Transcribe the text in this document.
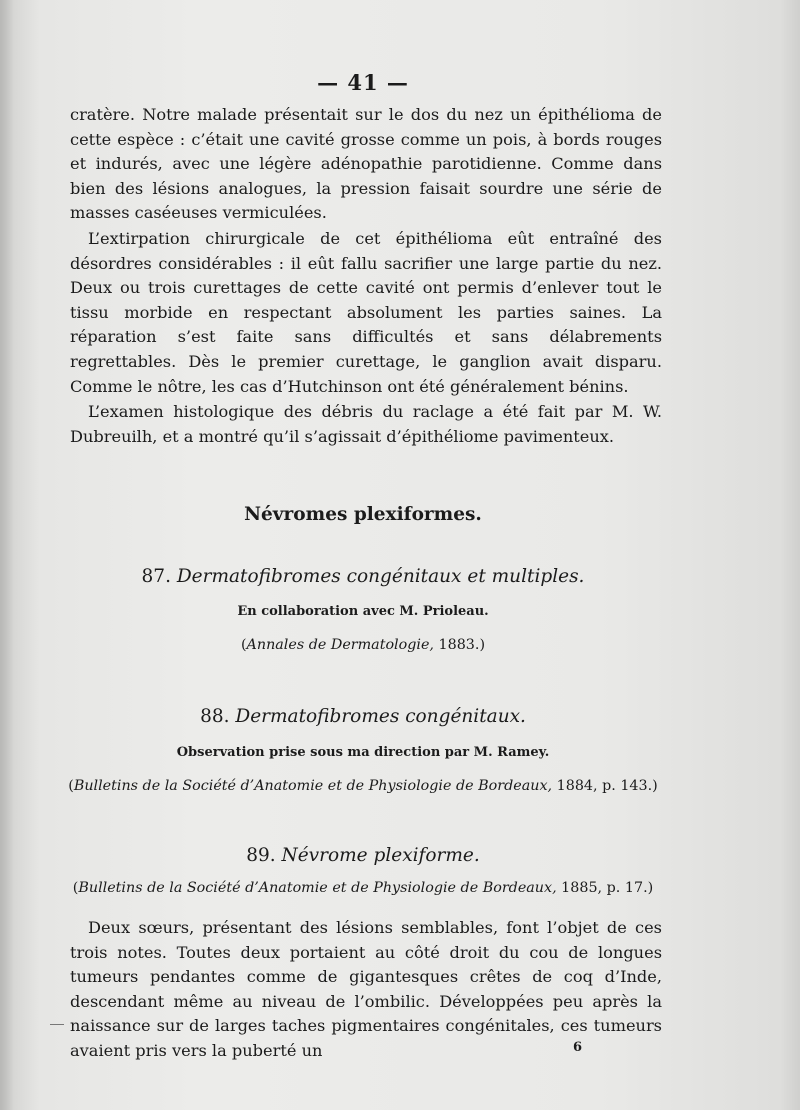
— 41 —

cratère. Notre malade présentait sur le dos du nez un épithélioma de cette espèce : c’était une cavité grosse comme un pois, à bords rouges et indurés, avec une légère adénopathie parotidienne. Comme dans bien des lésions analogues, la pression faisait sourdre une série de masses caséeuses vermiculées.

L’extirpation chirurgicale de cet épithélioma eût entraîné des désordres considérables : il eût fallu sacrifier une large partie du nez. Deux ou trois curettages de cette cavité ont permis d’enlever tout le tissu morbide en respectant absolument les parties saines. La réparation s’est faite sans difficultés et sans délabrements regrettables. Dès le premier curettage, le ganglion avait disparu. Comme le nôtre, les cas d’Hutchinson ont été généralement bénins.

L’examen histologique des débris du raclage a été fait par M. W. Dubreuilh, et a montré qu’il s’agissait d’épithéliome pavimenteux.

Névromes plexiformes.

87. Dermatofibromes congénitaux et multiples.

En collaboration avec M. Prioleau.

(Annales de Dermatologie, 1883.)

88. Dermatofibromes congénitaux.

Observation prise sous ma direction par M. Ramey.

(Bulletins de la Société d’Anatomie et de Physiologie de Bordeaux, 1884, p. 143.)

89. Névrome plexiforme.

(Bulletins de la Société d’Anatomie et de Physiologie de Bordeaux, 1885, p. 17.)

Deux sœurs, présentant des lésions semblables, font l’objet de ces trois notes. Toutes deux portaient au côté droit du cou de longues tumeurs pendantes comme de gigantesques crêtes de coq d’Inde, descendant même au niveau de l’ombilic. Développées peu après la naissance sur de larges taches pigmentaires congénitales, ces tumeurs avaient pris vers la puberté un	6
